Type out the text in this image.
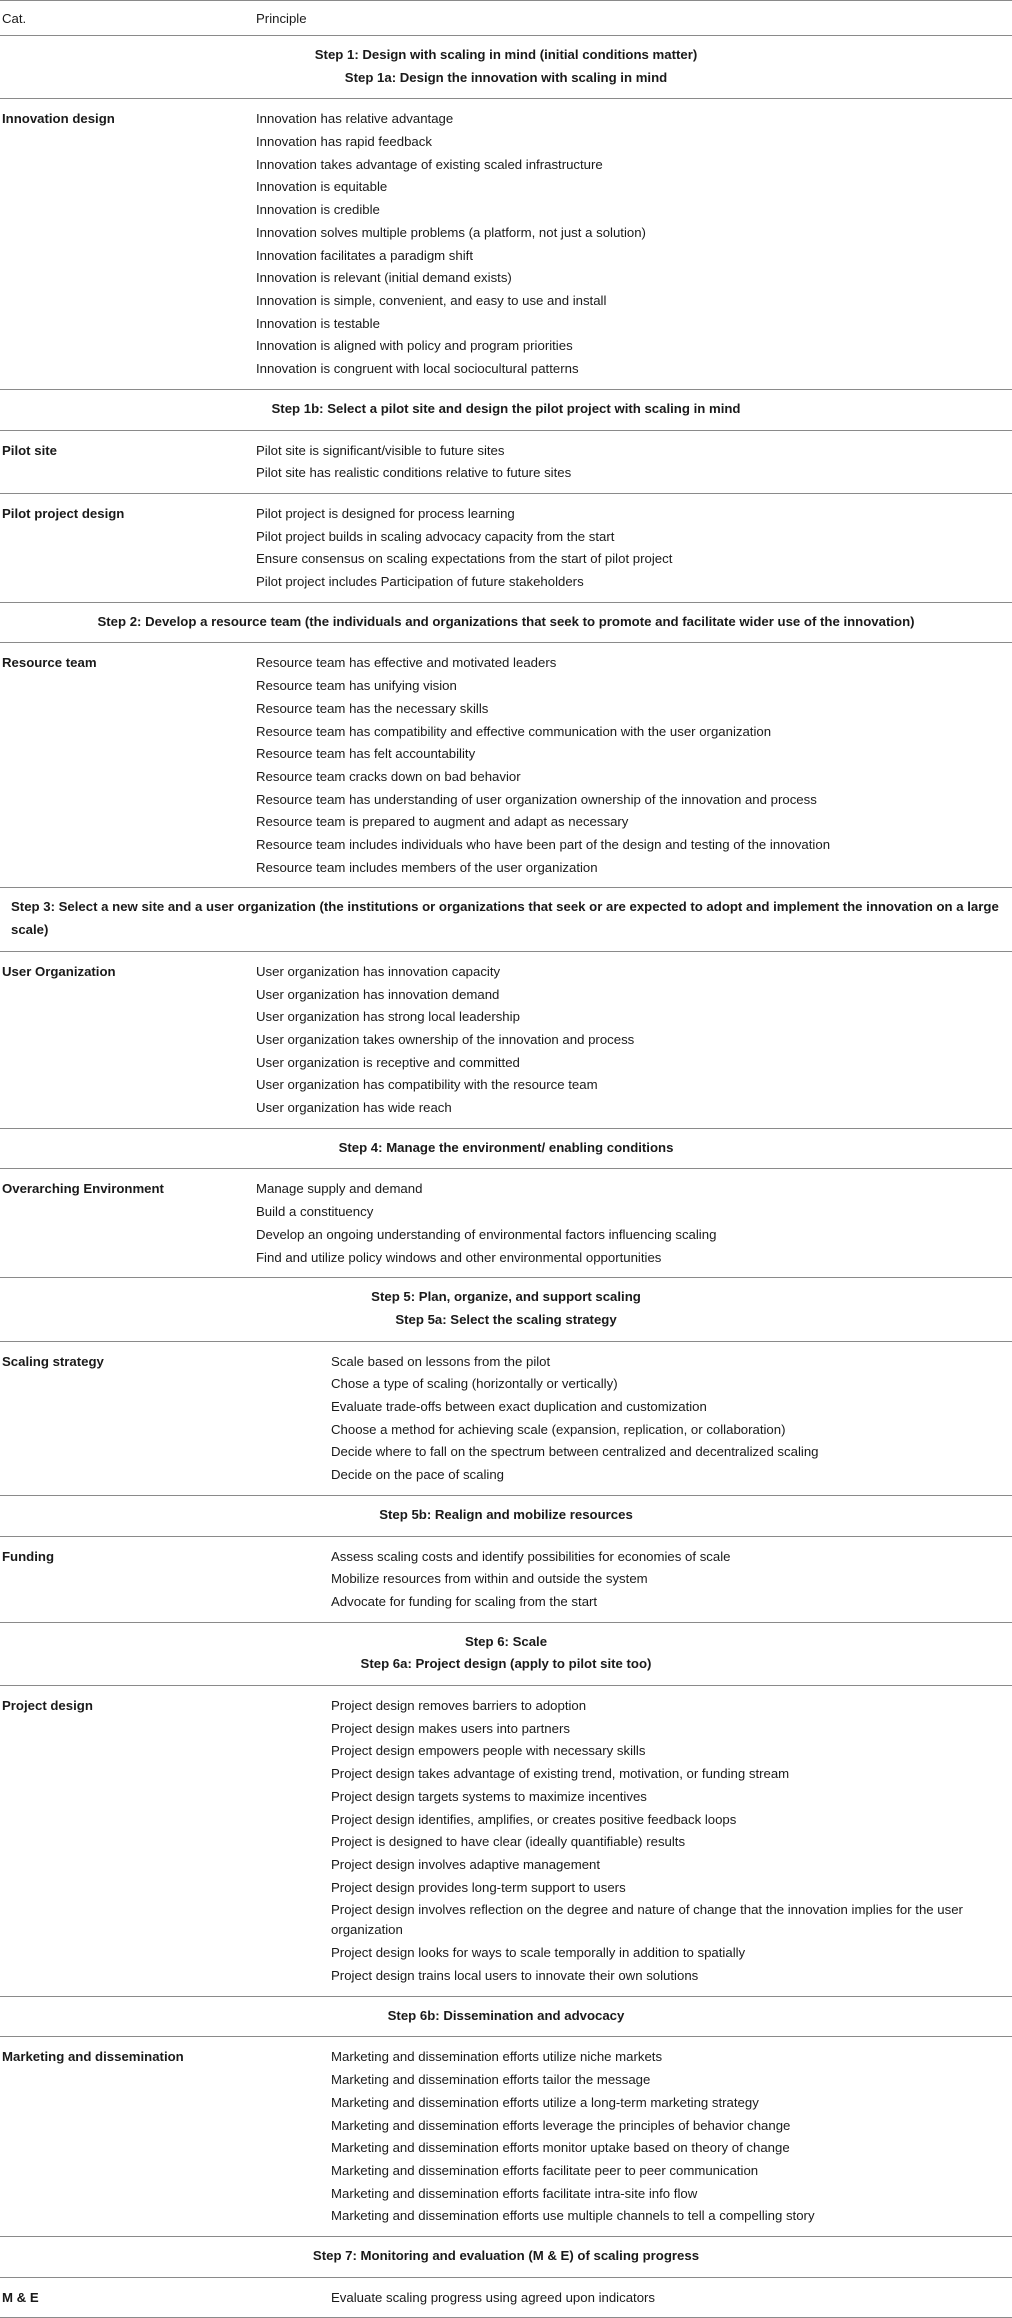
Cat.	Principle
Step 1: Design with scaling in mind (initial conditions matter)
Step 1a: Design the innovation with scaling in mind
Innovation design	Innovation has relative advantage
Innovation has rapid feedback
Innovation takes advantage of existing scaled infrastructure
Innovation is equitable
Innovation is credible
Innovation solves multiple problems (a platform, not just a solution)
Innovation facilitates a paradigm shift
Innovation is relevant (initial demand exists)
Innovation is simple, convenient, and easy to use and install
Innovation is testable
Innovation is aligned with policy and program priorities
Innovation is congruent with local sociocultural patterns
Step 1b: Select a pilot site and design the pilot project with scaling in mind
Pilot site	Pilot site is significant/visible to future sites
Pilot site has realistic conditions relative to future sites
Pilot project design	Pilot project is designed for process learning
Pilot project builds in scaling advocacy capacity from the start
Ensure consensus on scaling expectations from the start of pilot project
Pilot project includes Participation of future stakeholders
Step 2: Develop a resource team (the individuals and organizations that seek to promote and facilitate wider use of the innovation)
Resource team	Resource team has effective and motivated leaders
Resource team has unifying vision
Resource team has the necessary skills
Resource team has compatibility and effective communication with the user organization
Resource team has felt accountability
Resource team cracks down on bad behavior
Resource team has understanding of user organization ownership of the innovation and process
Resource team is prepared to augment and adapt as necessary
Resource team includes individuals who have been part of the design and testing of the innovation
Resource team includes members of the user organization
Step 3: Select a new site and a user organization (the institutions or organizations that seek or are expected to adopt and implement the innovation on a large scale)
User Organization	User organization has innovation capacity
User organization has innovation demand
User organization has strong local leadership
User organization takes ownership of the innovation and process
User organization is receptive and committed
User organization has compatibility with the resource team
User organization has wide reach
Step 4: Manage the environment/ enabling conditions
Overarching Environment	Manage supply and demand
Build a constituency
Develop an ongoing understanding of environmental factors influencing scaling
Find and utilize policy windows and other environmental opportunities
Step 5: Plan, organize, and support scaling
Step 5a: Select the scaling strategy
Scaling strategy	Scale based on lessons from the pilot
Chose a type of scaling (horizontally or vertically)
Evaluate trade-offs between exact duplication and customization
Choose a method for achieving scale (expansion, replication, or collaboration)
Decide where to fall on the spectrum between centralized and decentralized scaling
Decide on the pace of scaling
Step 5b: Realign and mobilize resources
Funding	Assess scaling costs and identify possibilities for economies of scale
Mobilize resources from within and outside the system
Advocate for funding for scaling from the start
Step 6: Scale
Step 6a: Project design (apply to pilot site too)
Project design	Project design removes barriers to adoption
Project design makes users into partners
Project design empowers people with necessary skills
Project design takes advantage of existing trend, motivation, or funding stream
Project design targets systems to maximize incentives
Project design identifies, amplifies, or creates positive feedback loops
Project is designed to have clear (ideally quantifiable) results
Project design involves adaptive management
Project design provides long-term support to users
Project design involves reflection on the degree and nature of change that the innovation implies for the user organization
Project design looks for ways to scale temporally in addition to spatially
Project design trains local users to innovate their own solutions
Step 6b: Dissemination and advocacy
Marketing and dissemination	Marketing and dissemination efforts utilize niche markets
Marketing and dissemination efforts tailor the message
Marketing and dissemination efforts utilize a long-term marketing strategy
Marketing and dissemination efforts leverage the principles of behavior change
Marketing and dissemination efforts monitor uptake based on theory of change
Marketing and dissemination efforts facilitate peer to peer communication
Marketing and dissemination efforts facilitate intra-site info flow
Marketing and dissemination efforts use multiple channels to tell a compelling story
Step 7: Monitoring and evaluation (M & E) of scaling progress
M & E	Evaluate scaling progress using agreed upon indicators
